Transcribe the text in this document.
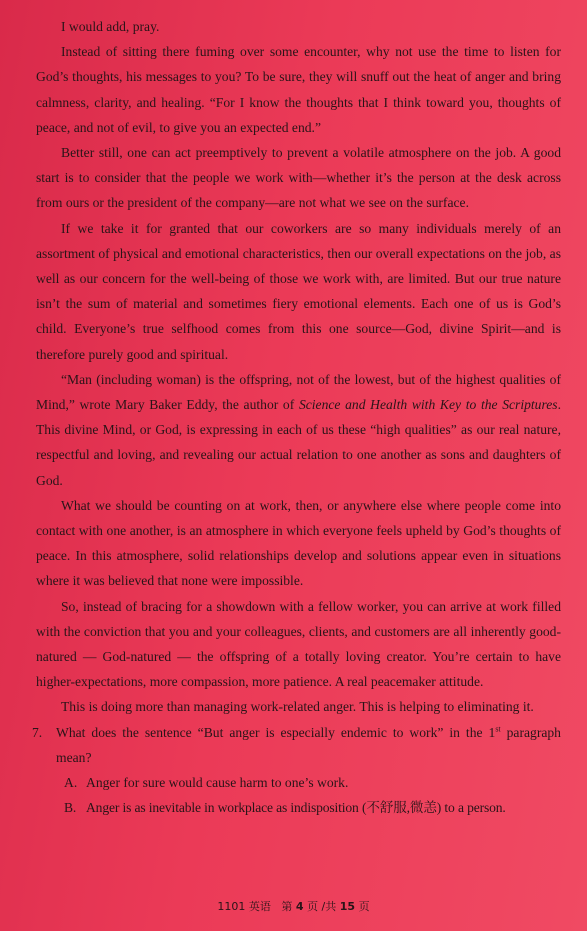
I would add, pray.

Instead of sitting there fuming over some encounter, why not use the time to listen for God’s thoughts, his messages to you? To be sure, they will snuff out the heat of anger and bring calmness, clarity, and healing. “For I know the thoughts that I think toward you, thoughts of peace, and not of evil, to give you an expected end.”

Better still, one can act preemptively to prevent a volatile atmosphere on the job. A good start is to consider that the people we work with—whether it’s the person at the desk across from ours or the president of the company—are not what we see on the surface.

If we take it for granted that our coworkers are so many individuals merely of an assortment of physical and emotional characteristics, then our overall expectations on the job, as well as our concern for the well-being of those we work with, are limited. But our true nature isn’t the sum of material and sometimes fiery emotional elements. Each one of us is God’s child. Everyone’s true selfhood comes from this one source—God, divine Spirit—and is therefore purely good and spiritual.

“Man (including woman) is the offspring, not of the lowest, but of the highest qualities of Mind,” wrote Mary Baker Eddy, the author of Science and Health with Key to the Scriptures. This divine Mind, or God, is expressing in each of us these “high qualities” as our real nature, respectful and loving, and revealing our actual relation to one another as sons and daughters of God.

What we should be counting on at work, then, or anywhere else where people come into contact with one another, is an atmosphere in which everyone feels upheld by God’s thoughts of peace. In this atmosphere, solid relationships develop and solutions appear even in situations where it was believed that none were impossible.

So, instead of bracing for a showdown with a fellow worker, you can arrive at work filled with the conviction that you and your colleagues, clients, and customers are all inherently good-natured — God-natured — the offspring of a totally loving creator. You’re certain to have higher-expectations, more compassion, more patience. A real peacemaker attitude.

This is doing more than managing work-related anger. This is helping to eliminating it.

7. What does the sentence “But anger is especially endemic to work” in the 1st paragraph mean?

A. Anger for sure would cause harm to one’s work.

B. Anger is as inevitable in workplace as indisposition (不舒服,微恙) to a person.

1101 英语 第 4 页 /共 15 页
